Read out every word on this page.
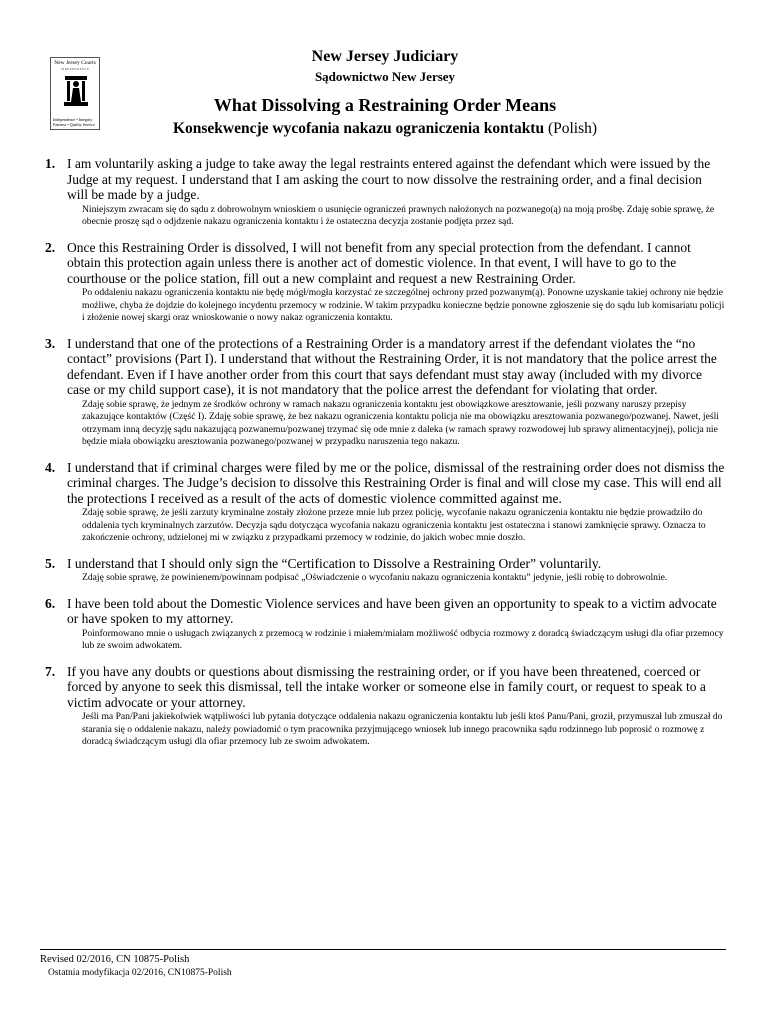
New Jersey Courts
INDEPENDENCE
Independence • Integrity Fairness • Quality Service
New Jersey Judiciary
Sądownictwo New Jersey
What Dissolving a Restraining Order Means
Konsekwencje wycofania nakazu ograniczenia kontaktu (Polish)
1. I am voluntarily asking a judge to take away the legal restraints entered against the defendant which were issued by the Judge at my request. I understand that I am asking the court to now dissolve the restraining order, and a final decision will be made by a judge.
Niniejszym zwracam się do sądu z dobrowolnym wnioskiem o usunięcie ograniczeń prawnych nałożonych na pozwanego(ą) na moją prośbę. Zdaję sobie sprawę, że obecnie proszę sąd o odjdzenie nakazu ograniczenia kontaktu i że ostateczna decyzja zostanie podjęta przez sąd.
2. Once this Restraining Order is dissolved, I will not benefit from any special protection from the defendant. I cannot obtain this protection again unless there is another act of domestic violence. In that event, I will have to go to the courthouse or the police station, fill out a new complaint and request a new Restraining Order.
Po oddaleniu nakazu ograniczenia kontaktu nie będę mógł/mogła korzystać ze szczególnej ochrony przed pozwanym(ą). Ponowne uzyskanie takiej ochrony nie będzie możliwe, chyba że dojdzie do kolejnego incydentu przemocy w rodzinie. W takim przypadku konieczne będzie ponowne zgłoszenie się do sądu lub komisariatu policji i złożenie nowej skargi oraz wnioskowanie o nowy nakaz ograniczenia kontaktu.
3. I understand that one of the protections of a Restraining Order is a mandatory arrest if the defendant violates the “no contact” provisions (Part I). I understand that without the Restraining Order, it is not mandatory that the police arrest the defendant. Even if I have another order from this court that says defendant must stay away (included with my divorce case or my child support case), it is not mandatory that the police arrest the defendant for violating that order.
Zdaję sobie sprawę, że jednym ze środków ochrony w ramach nakazu ograniczenia kontaktu jest obowiązkowe aresztowanie, jeśli pozwany naruszy przepisy zakazujące kontaktów (Część I). Zdaję sobie sprawę, że bez nakazu ograniczenia kontaktu policja nie ma obowiązku aresztowania pozwanego/pozwanej. Nawet, jeśli otrzymam inną decyzję sądu nakazującą pozwanemu/pozwanej trzymać się ode mnie z daleka (w ramach sprawy rozwodowej lub sprawy alimentacyjnej), policja nie będzie miała obowiązku aresztowania pozwanego/pozwanej w przypadku naruszenia tego nakazu.
4. I understand that if criminal charges were filed by me or the police, dismissal of the restraining order does not dismiss the criminal charges. The Judge’s decision to dissolve this Restraining Order is final and will close my case. This will end all the protections I received as a result of the acts of domestic violence committed against me.
Zdaję sobie sprawę, że jeśli zarzuty kryminalne zostały złożone przeze mnie lub przez policję, wycofanie nakazu ograniczenia kontaktu nie będzie prowadziło do oddalenia tych kryminalnych zarzutów. Decyzja sądu dotycząca wycofania nakazu ograniczenia kontaktu jest ostateczna i stanowi zamknięcie sprawy. Oznacza to zakończenie ochrony, udzielonej mi w związku z przypadkami przemocy w rodzinie, do jakich wobec mnie doszło.
5. I understand that I should only sign the “Certification to Dissolve a Restraining Order” voluntarily.
Zdaję sobie sprawę, że powinienem/powinnam podpisać „Oświadczenie o wycofaniu nakazu ograniczenia kontaktu” jedynie, jeśli robię to dobrowolnie.
6. I have been told about the Domestic Violence services and have been given an opportunity to speak to a victim advocate or have spoken to my attorney.
Poinformowano mnie o usługach związanych z przemocą w rodzinie i miałem/miałam możliwość odbycia rozmowy z doradcą świadczącym usługi dla ofiar przemocy lub ze swoim adwokatem.
7. If you have any doubts or questions about dismissing the restraining order, or if you have been threatened, coerced or forced by anyone to seek this dismissal, tell the intake worker or someone else in family court, or request to speak to a victim advocate or your attorney.
Jeśli ma Pan/Pani jakiekolwiek wątpliwości lub pytania dotyczące oddalenia nakazu ograniczenia kontaktu lub jeśli ktoś Panu/Pani, groził, przymuszał lub zmuszał do starania się o oddalenie nakazu, należy powiadomić o tym pracownika przyjmującego wniosek lub innego pracownika sądu rodzinnego lub poprosić o rozmowę z doradcą świadczącym usługi dla ofiar przemocy lub ze swoim adwokatem.
Revised 02/2016, CN 10875-Polish
Ostatnia modyfikacja 02/2016, CN10875-Polish
